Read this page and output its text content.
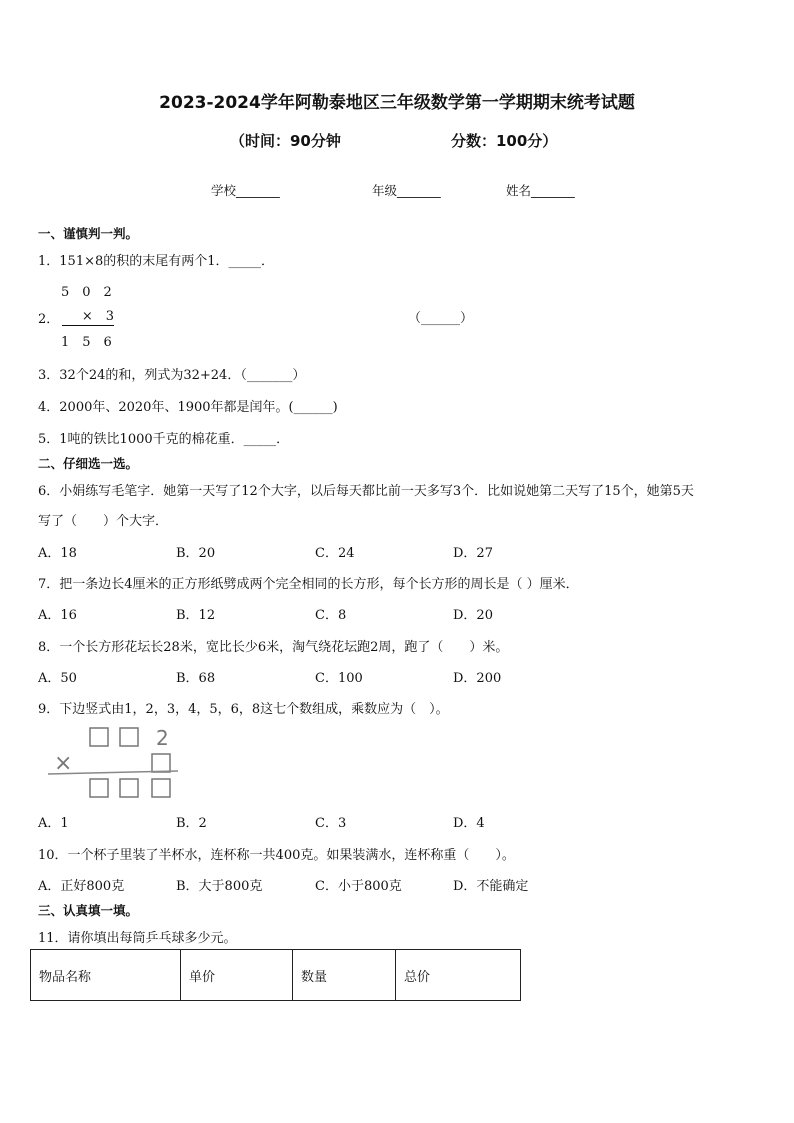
2023-2024学年阿勒泰地区三年级数学第一学期期末统考试题
（时间：90分钟	分数：100分）
学校_______	年级_______	姓名_______
一、谨慎判一判。
1．151×8的积的末尾有两个1．_____．
5　0　2
2．	×　3
1　5　6
（______）
3．32个24的和，列式为32+24．（_______）
4．2000年、2020年、1900年都是闰年。(______)
5．1吨的铁比1000千克的棉花重．_____．
二、仔细选一选。
6．小娟练写毛笔字．她第一天写了12个大字，以后每天都比前一天多写3个．比如说她第二天写了15个，她第5天
写了（　　）个大字．
A．18	B．20	C．24	D．27
7．把一条边长4厘米的正方形纸劈成两个完全相同的长方形，每个长方形的周长是（ ）厘米．
A．16	B．12	C．8	D．20
8．一个长方形花坛长28米，宽比长少6米，淘气绕花坛跑2周，跑了（　　）米。
A．50	B．68	C．100	D．200
9．下边竖式由1，2，3，4，5，6，8这七个数组成，乘数应为（　）。
2
×
A．1	B．2	C．3	D．4
10．一个杯子里装了半杯水，连杯称一共400克。如果装满水，连杯称重（　　）。
A．正好800克	B．大于800克	C．小于800克	D．不能确定
三、认真填一填。
11．请你填出每筒乒乓球多少元。
物品名称	单价	数量	总价
